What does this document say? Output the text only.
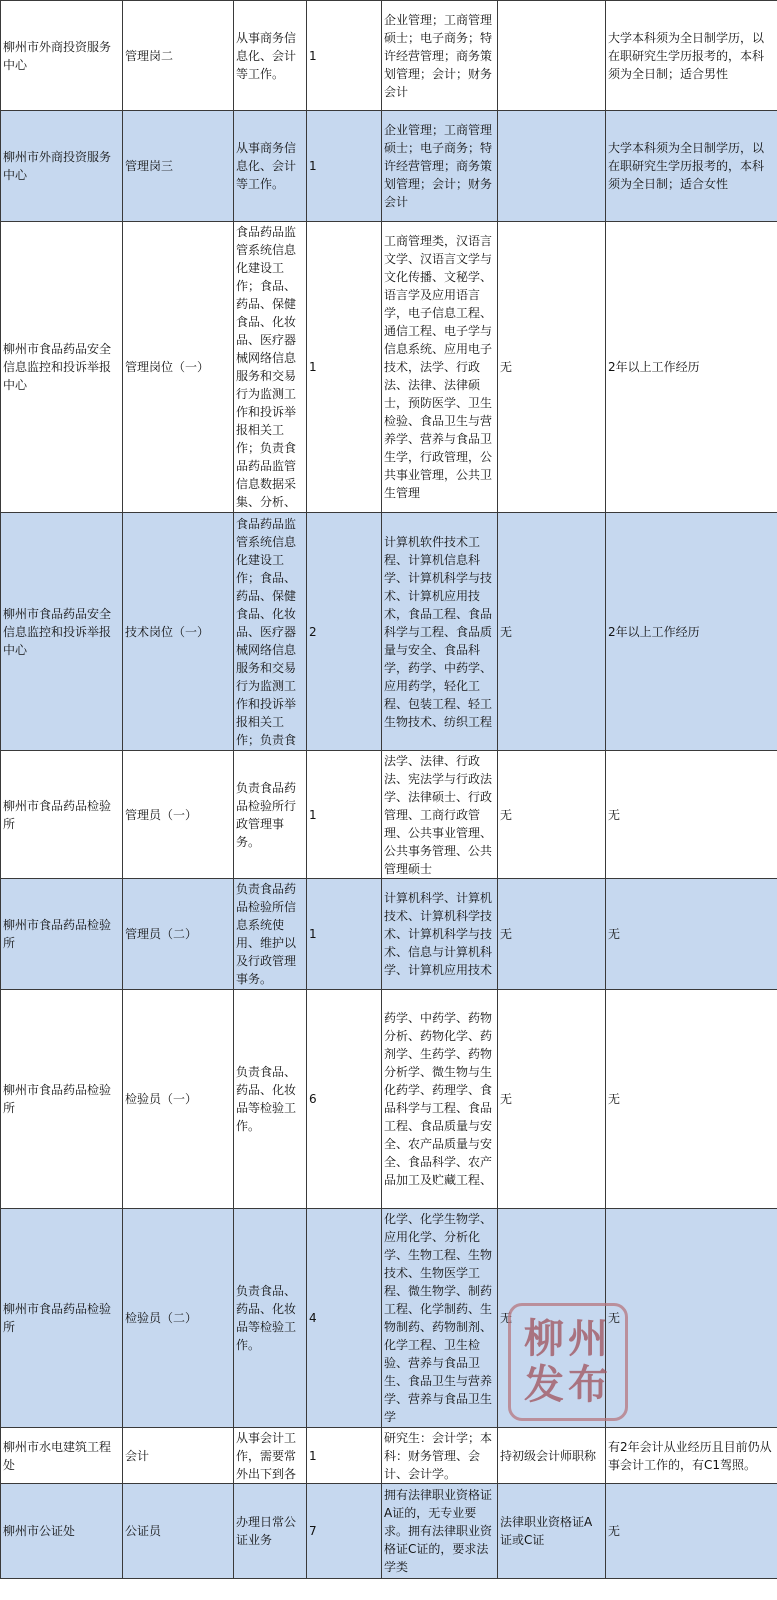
柳州市外商投资服务中心	管理岗二	从事商务信息化、会计等工作。	1	企业管理；工商管理硕士；电子商务；特许经营管理；商务策划管理；会计；财务会计		大学本科须为全日制学历，以在职研究生学历报考的，本科须为全日制；适合男性

柳州市外商投资服务中心	管理岗三	从事商务信息化、会计等工作。	1	企业管理；工商管理硕士；电子商务；特许经营管理；商务策划管理；会计；财务会计		大学本科须为全日制学历，以在职研究生学历报考的，本科须为全日制；适合女性

柳州市食品药品安全信息监控和投诉举报中心	管理岗位（一）	食品药品监管系统信息化建设工作；食品、药品、保健食品、化妆品、医疗器械网络信息服务和交易行为监测工作和投诉举报相关工作；负责食品药品监管信息数据采集、分析、	1	工商管理类，汉语言文学、汉语言文学与文化传播、文秘学、语言学及应用语言学，电子信息工程、通信工程、电子学与信息系统、应用电子技术，法学、行政法、法律、法律硕士，预防医学、卫生检验、食品卫生与营养学、营养与食品卫生学，行政管理，公共事业管理，公共卫生管理	无	2年以上工作经历

柳州市食品药品安全信息监控和投诉举报中心	技术岗位（一）	食品药品监管系统信息化建设工作；食品、药品、保健食品、化妆品、医疗器械网络信息服务和交易行为监测工作和投诉举报相关工作；负责食	2	计算机软件技术工程、计算机信息科学、计算机科学与技术、计算机应用技术，食品工程、食品科学与工程、食品质量与安全、食品科学，药学、中药学、应用药学，轻化工程、包装工程、轻工生物技术、纺织工程	无	2年以上工作经历

柳州市食品药品检验所	管理员（一）	负责食品药品检验所行政管理事务。	1	法学、法律、行政法、宪法学与行政法学、法律硕士、行政管理、工商行政管理、公共事业管理、公共事务管理、公共管理硕士	无	无

柳州市食品药品检验所	管理员（二）	负责食品药品检验所信息系统使用、维护以及行政管理事务。	1	计算机科学、计算机技术、计算机科学技术、计算机科学与技术、信息与计算机科学、计算机应用技术	无	无

柳州市食品药品检验所	检验员（一）	负责食品、药品、化妆品等检验工作。	6	药学、中药学、药物分析、药物化学、药剂学、生药学、药物分析学、微生物与生化药学、药理学、食品科学与工程、食品工程、食品质量与安全、农产品质量与安全、食品科学、农产品加工及贮藏工程、	无	无

柳州市食品药品检验所	检验员（二）	负责食品、药品、化妆品等检验工作。	4	化学、化学生物学、应用化学、分析化学、生物工程、生物技术、生物医学工程、微生物学、制药工程、化学制药、生物制药、药物制剂、化学工程、卫生检验、营养与食品卫生、食品卫生与营养学、营养与食品卫生学	无	无

柳州市水电建筑工程处	会计	从事会计工作，需要常外出下到各	1	研究生：会计学；本科：财务管理、会计、会计学。	持初级会计师职称	有2年会计从业经历且目前仍从事会计工作的，有C1驾照。

柳州市公证处	公证员	办理日常公证业务	7	拥有法律职业资格证A证的，无专业要求。拥有法律职业资格证C证的，要求法学类	法律职业资格证A证或C证	无
柳州
发布
